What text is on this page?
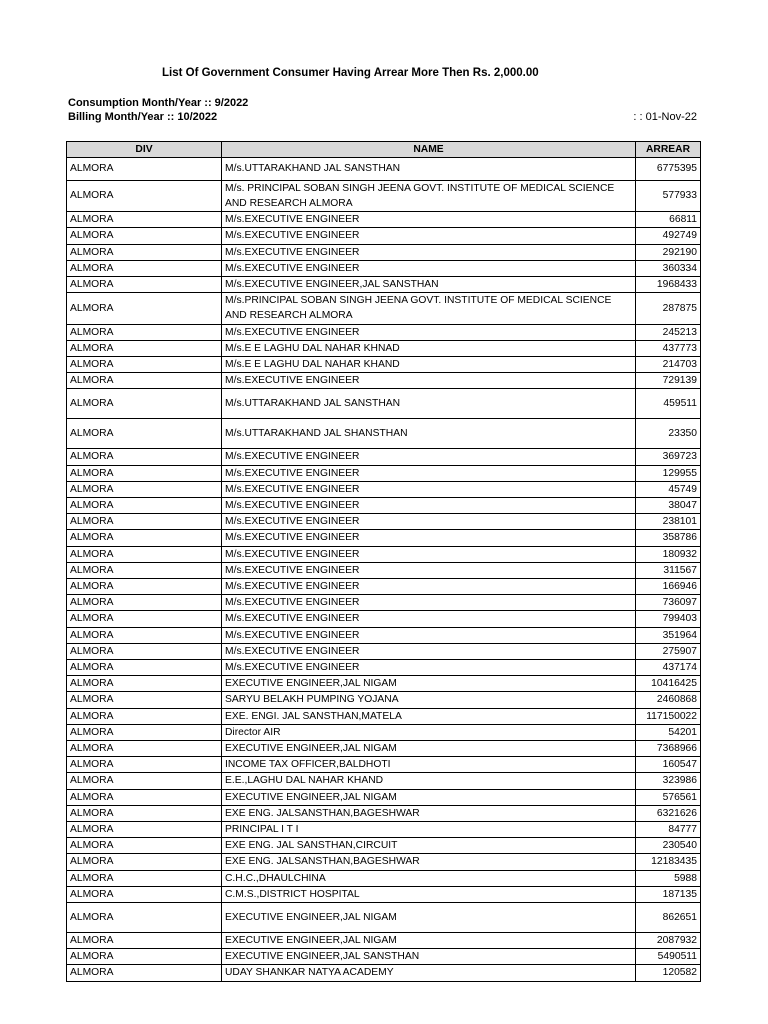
List Of Government Consumer Having Arrear More Then Rs. 2,000.00
Consumption Month/Year :: 9/2022
Billing Month/Year :: 10/2022	: : 01-Nov-22
DIV	NAME	ARREAR
ALMORA	M/s.UTTARAKHAND JAL SANSTHAN	6775395
ALMORA	M/s. PRINCIPAL SOBAN SINGH JEENA GOVT. INSTITUTE OF MEDICAL SCIENCE AND RESEARCH ALMORA	577933
ALMORA	M/s.EXECUTIVE ENGINEER	66811
ALMORA	M/s.EXECUTIVE ENGINEER	492749
ALMORA	M/s.EXECUTIVE ENGINEER	292190
ALMORA	M/s.EXECUTIVE ENGINEER	360334
ALMORA	M/s.EXECUTIVE ENGINEER,JAL SANSTHAN	1968433
ALMORA	M/s.PRINCIPAL SOBAN SINGH JEENA GOVT. INSTITUTE OF MEDICAL SCIENCE AND RESEARCH ALMORA	287875
ALMORA	M/s.EXECUTIVE ENGINEER	245213
ALMORA	M/s.E E LAGHU DAL NAHAR KHNAD	437773
ALMORA	M/s.E E LAGHU DAL NAHAR KHAND	214703
ALMORA	M/s.EXECUTIVE ENGINEER	729139
ALMORA	M/s.UTTARAKHAND JAL SANSTHAN	459511
ALMORA	M/s.UTTARAKHAND JAL SHANSTHAN	23350
ALMORA	M/s.EXECUTIVE ENGINEER	369723
ALMORA	M/s.EXECUTIVE ENGINEER	129955
ALMORA	M/s.EXECUTIVE ENGINEER	45749
ALMORA	M/s.EXECUTIVE ENGINEER	38047
ALMORA	M/s.EXECUTIVE ENGINEER	238101
ALMORA	M/s.EXECUTIVE ENGINEER	358786
ALMORA	M/s.EXECUTIVE ENGINEER	180932
ALMORA	M/s.EXECUTIVE ENGINEER	311567
ALMORA	M/s.EXECUTIVE ENGINEER	166946
ALMORA	M/s.EXECUTIVE ENGINEER	736097
ALMORA	M/s.EXECUTIVE ENGINEER	799403
ALMORA	M/s.EXECUTIVE ENGINEER	351964
ALMORA	M/s.EXECUTIVE ENGINEER	275907
ALMORA	M/s.EXECUTIVE ENGINEER	437174
ALMORA	EXECUTIVE ENGINEER,JAL NIGAM	10416425
ALMORA	SARYU BELAKH PUMPING YOJANA	2460868
ALMORA	EXE. ENGI. JAL SANSTHAN,MATELA	117150022
ALMORA	Director AIR	54201
ALMORA	EXECUTIVE ENGINEER,JAL NIGAM	7368966
ALMORA	INCOME TAX OFFICER,BALDHOTI	160547
ALMORA	E.E.,LAGHU DAL NAHAR KHAND	323986
ALMORA	EXECUTIVE ENGINEER,JAL NIGAM	576561
ALMORA	EXE ENG. JALSANSTHAN,BAGESHWAR	6321626
ALMORA	PRINCIPAL I T I	84777
ALMORA	EXE ENG. JAL SANSTHAN,CIRCUIT	230540
ALMORA	EXE ENG. JALSANSTHAN,BAGESHWAR	12183435
ALMORA	C.H.C.,DHAULCHINA	5988
ALMORA	C.M.S.,DISTRICT HOSPITAL	187135
ALMORA	EXECUTIVE ENGINEER,JAL NIGAM	862651
ALMORA	EXECUTIVE ENGINEER,JAL NIGAM	2087932
ALMORA	EXECUTIVE ENGINEER,JAL SANSTHAN	5490511
ALMORA	UDAY SHANKAR NATYA ACADEMY	120582
